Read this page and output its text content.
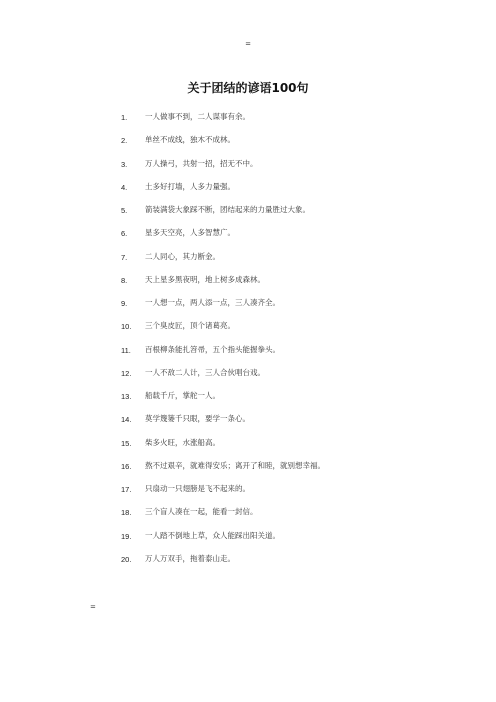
=
关于团结的谚语100句
1. 一人做事不到，二人谋事有余。
2. 单丝不成线，独木不成林。
3. 万人操弓，共射一招，招无不中。
4. 土多好打墙，人多力量强。
5. 箭装满袋大象踩不断，团结起来的力量胜过大象。
6. 星多天空亮，人多智慧广。
7. 二人同心，其力断金。
8. 天上星多黑夜明，地上树多成森林。
9. 一人想一点，两人添一点，三人凑齐全。
10. 三个臭皮匠，顶个诸葛亮。
11. 百根柳条能扎笤帚，五个指头能握拳头。
12. 一人不敌二人计，三人合伙唱台戏。
13. 船载千斤，掌舵一人。
14. 莫学篾篓千只眼，要学一条心。
15. 柴多火旺，水涨船高。
16. 熬不过艰辛，就难得安乐；离开了和睦，就别想幸福。
17. 只扇动一只翅膀是飞不起来的。
18. 三个盲人凑在一起，能看一封信。
19. 一人踏不倒地上草，众人能踩出阳关道。
20. 万人万双手，拖着泰山走。
=
